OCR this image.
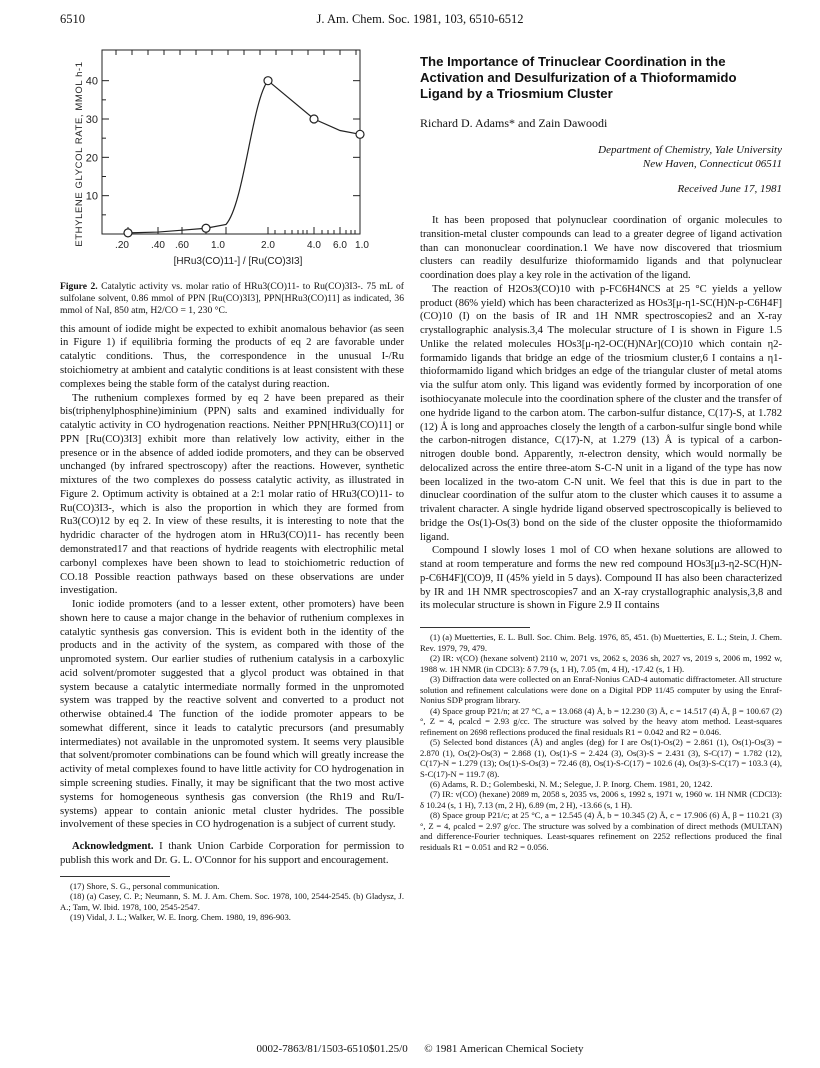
6510	J. Am. Chem. Soc. 1981, 103, 6510-6512
10
20
30
40
.20 .40 .60 1.0	2.0	4.0 6.0 1.0
ETHYLENE GLYCOL RATE, MMOL h-1
[HRu3(CO)11-] / [Ru(CO)3I3]
Figure 2. Catalytic activity vs. molar ratio of HRu3(CO)11- to Ru(CO)3I3-. 75 mL of sulfolane solvent, 0.86 mmol of PPN [Ru(CO)3I3], PPN[HRu3(CO)11] as indicated, 36 mmol of NaI, 850 atm, H2/CO = 1, 230 °C.

this amount of iodide might be expected to exhibit anomalous behavior (as seen in Figure 1) if equilibria forming the products of eq 2 are favorable under catalytic conditions. Thus, the correspondence in the unusual I-/Ru stoichiometry at ambient and catalytic conditions is at least consistent with these complexes being the stable form of the catalyst during reaction.

The ruthenium complexes formed by eq 2 have been prepared as their bis(triphenylphosphine)iminium (PPN) salts and examined individually for catalytic activity in CO hydrogenation reactions. Neither PPN[HRu3(CO)11] or PPN [Ru(CO)3I3] exhibit more than relatively low activity, either in the presence or in the absence of added iodide promoters, and they can be observed unchanged (by infrared spectroscopy) after the reactions. However, synthetic mixtures of the two complexes do possess catalytic activity, as illustrated in Figure 2. Optimum activity is obtained at a 2:1 molar ratio of HRu3(CO)11- to Ru(CO)3I3-, which is also the proportion in which they are formed from Ru3(CO)12 by eq 2. In view of these results, it is interesting to note that the hydridic character of the hydrogen atom in HRu3(CO)11- has recently been demonstrated17 and that reactions of hydride reagents with electrophilic metal carbonyl complexes have been shown to lead to stoichiometric reduction of CO.18 Possible reaction pathways based on these observations are under investigation.

Ionic iodide promoters (and to a lesser extent, other promoters) have been shown here to cause a major change in the behavior of ruthenium complexes in catalytic synthesis gas conversion. This is evident both in the identity of the products and in the activity of the system, as compared with those of the unpromoted system. Our earlier studies of ruthenium catalysis in a carboxylic acid solvent/promoter suggested that a glycol product was obtained in that system because a catalytic intermediate normally formed in the unpromoted system was trapped by the reactive solvent and converted to a product not otherwise obtained.4 The function of the iodide promoter appears to be somewhat different, since it leads to catalytic precursors (and presumably intermediates) not available in the unpromoted system. It seems very plausible that solvent/promoter combinations can be found which will greatly increase the activity of metal complexes found to have little activity for CO hydrogenation in simple screening studies. Finally, it may be significant that the two most active systems for homogeneous synthesis gas conversion (the Rh19 and Ru/I- systems) appear to contain anionic metal cluster hydrides. The possible involvement of these species in CO hydrogenation is a subject of current study.

Acknowledgment. I thank Union Carbide Corporation for permission to publish this work and Dr. G. L. O'Connor for his support and encouragement.

(17) Shore, S. G., personal communication.

(18) (a) Casey, C. P.; Neumann, S. M. J. Am. Chem. Soc. 1978, 100, 2544-2545. (b) Gladysz, J. A.; Tam, W. Ibid. 1978, 100, 2545-2547.

(19) Vidal, J. L.; Walker, W. E. Inorg. Chem. 1980, 19, 896-903.

The Importance of Trinuclear Coordination in the Activation and Desulfurization of a Thioformamido Ligand by a Triosmium Cluster
Richard D. Adams* and Zain Dawoodi
Department of Chemistry, Yale University
New Haven, Connecticut 06511
Received June 17, 1981

It has been proposed that polynuclear coordination of organic molecules to transition-metal cluster compounds can lead to a greater degree of ligand activation than can mononuclear coordination.1 We have now discovered that triosmium clusters can readily desulfurize thioformamido ligands and that polynuclear coordination does play a key role in the activation of the ligand.

The reaction of H2Os3(CO)10 with p-FC6H4NCS at 25 °C yields a yellow product (86% yield) which has been characterized as HOs3[μ-η1-SC(H)N-p-C6H4F](CO)10 (I) on the basis of IR and 1H NMR spectroscopies2 and an X-ray crystallographic analysis.3,4 The molecular structure of I is shown in Figure 1.5 Unlike the related molecules HOs3[μ-η2-OC(H)NAr](CO)10 which contain η2-formamido ligands that bridge an edge of the triosmium cluster,6 I contains a η1-thioformamido ligand which bridges an edge of the triangular cluster of metal atoms via the sulfur atom only. This ligand was evidently formed by incorporation of one isothiocyanate molecule into the coordination sphere of the cluster and the transfer of one hydride ligand to the carbon atom. The carbon-sulfur distance, C(17)-S, at 1.782 (12) Å is long and approaches closely the length of a carbon-sulfur single bond while the carbon-nitrogen distance, C(17)-N, at 1.279 (13) Å is typical of a carbon-nitrogen double bond. Apparently, π-electron density, which would normally be delocalized across the entire three-atom S-C-N unit in a ligand of the type has now been localized in the two-atom C-N unit. We feel that this is due in part to the dinuclear coordination of the sulfur atom to the cluster which causes it to assume a trivalent character. A single hydride ligand observed spectroscopically is believed to bridge the Os(1)-Os(3) bond on the side of the cluster opposite the thioformamido ligand.

Compound I slowly loses 1 mol of CO when hexane solutions are allowed to stand at room temperature and forms the new red compound HOs3[μ3-η2-SC(H)N-p-C6H4F](CO)9, II (45% yield in 5 days). Compound II has also been characterized by IR and 1H NMR spectroscopies7 and an X-ray crystallographic analysis,3,8 and its molecular structure is shown in Figure 2.9 II contains

(1) (a) Muetterties, E. L. Bull. Soc. Chim. Belg. 1976, 85, 451. (b) Muetterties, E. L.; Stein, J. Chem. Rev. 1979, 79, 479.

(2) IR: ν(CO) (hexane solvent) 2110 w, 2071 vs, 2062 s, 2036 sh, 2027 vs, 2019 s, 2006 m, 1992 w, 1988 w. 1H NMR (in CDCl3): δ 7.79 (s, 1 H), 7.05 (m, 4 H), -17.42 (s, 1 H).

(3) Diffraction data were collected on an Enraf-Nonius CAD-4 automatic diffractometer. All structure solution and refinement calculations were done on a Digital PDP 11/45 computer by using the Enraf-Nonius SDP program library.

(4) Space group P21/n; at 27 °C, a = 13.068 (4) Å, b = 12.230 (3) Å, c = 14.517 (4) Å, β = 100.67 (2)°, Z = 4, ρcalcd = 2.93 g/cc. The structure was solved by the heavy atom method. Least-squares refinement on 2698 reflections produced the final residuals R1 = 0.042 and R2 = 0.046.

(5) Selected bond distances (Å) and angles (deg) for I are Os(1)-Os(2) = 2.861 (1), Os(1)-Os(3) = 2.870 (1), Os(2)-Os(3) = 2.868 (1), Os(1)-S = 2.424 (3), Os(3)-S = 2.431 (3), S-C(17) = 1.782 (12), C(17)-N = 1.279 (13); Os(1)-S-Os(3) = 72.46 (8), Os(1)-S-C(17) = 102.6 (4), Os(3)-S-C(17) = 103.3 (4), S-C(17)-N = 119.7 (8).

(6) Adams, R. D.; Golembeski, N. M.; Selegue, J. P. Inorg. Chem. 1981, 20, 1242.

(7) IR: ν(CO) (hexane) 2089 m, 2058 s, 2035 vs, 2006 s, 1992 s, 1971 w, 1960 w. 1H NMR (CDCl3): δ 10.24 (s, 1 H), 7.13 (m, 2 H), 6.89 (m, 2 H), -13.66 (s, 1 H).

(8) Space group P21/c; at 25 °C, a = 12.545 (4) Å, b = 10.345 (2) Å, c = 17.906 (6) Å, β = 110.21 (3)°, Z = 4, ρcalcd = 2.97 g/cc. The structure was solved by a combination of direct methods (MULTAN) and difference-Fourier techniques. Least-squares refinement on 2252 reflections produced the final residuals R1 = 0.051 and R2 = 0.056.

0002-7863/81/1503-6510$01.25/0 © 1981 American Chemical Society
